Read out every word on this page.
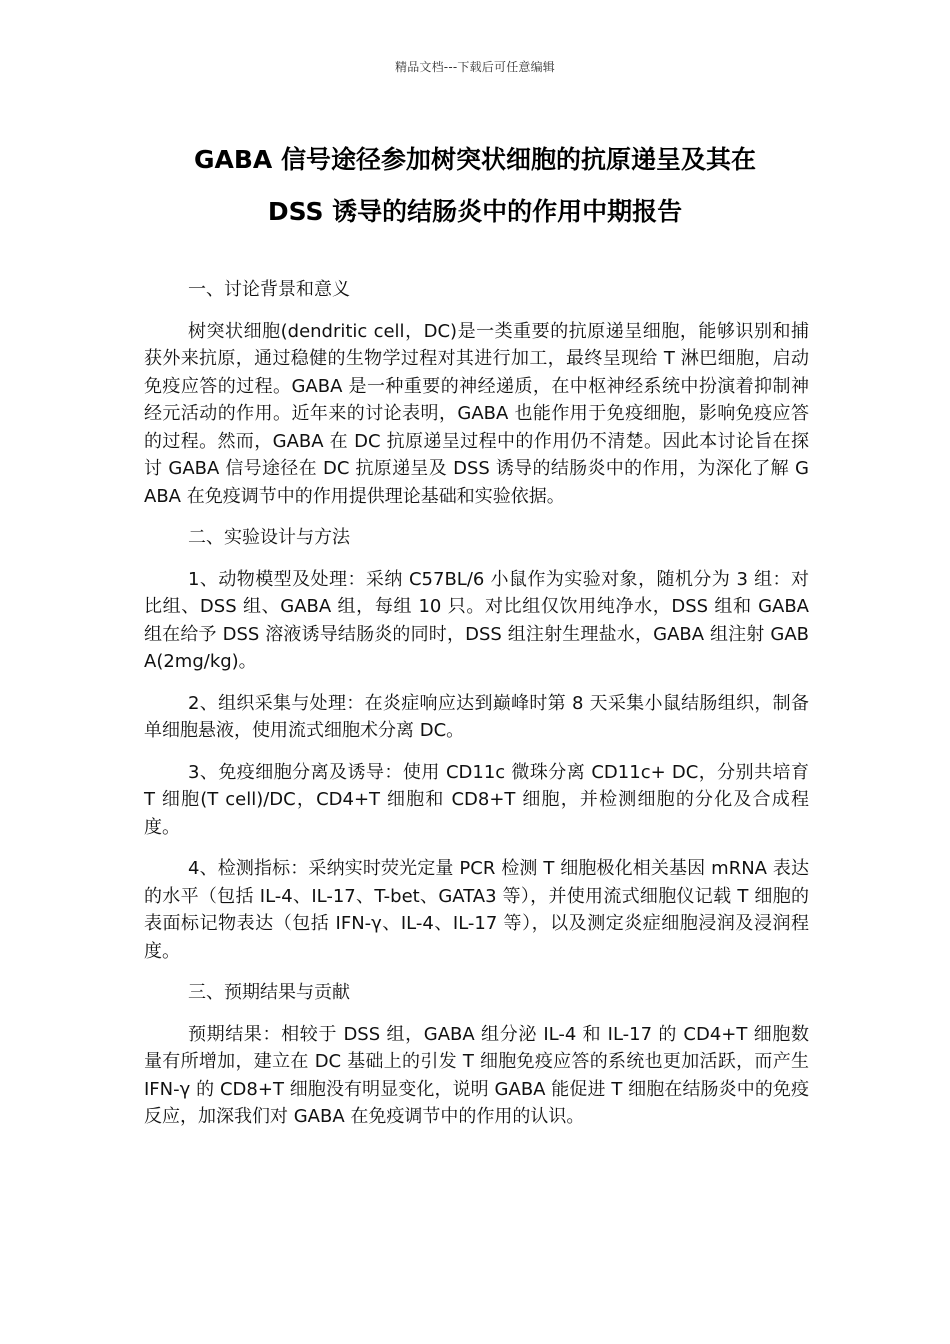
精品文档---下载后可任意编辑
GABA 信号途径参加树突状细胞的抗原递呈及其在
DSS 诱导的结肠炎中的作用中期报告

一、讨论背景和意义

树突状细胞(dendritic cell，DC)是一类重要的抗原递呈细胞，能够识别和捕获外来抗原，通过稳健的生物学过程对其进行加工，最终呈现给 T 淋巴细胞，启动免疫应答的过程。GABA 是一种重要的神经递质，在中枢神经系统中扮演着抑制神经元活动的作用。近年来的讨论表明，GABA 也能作用于免疫细胞，影响免疫应答的过程。然而，GABA 在 DC 抗原递呈过程中的作用仍不清楚。因此本讨论旨在探讨 GABA 信号途径在 DC 抗原递呈及 DSS 诱导的结肠炎中的作用，为深化了解 GABA 在免疫调节中的作用提供理论基础和实验依据。

二、实验设计与方法

1、动物模型及处理：采纳 C57BL/6 小鼠作为实验对象，随机分为 3 组：对比组、DSS 组、GABA 组，每组 10 只。对比组仅饮用纯净水，DSS 组和 GABA 组在给予 DSS 溶液诱导结肠炎的同时，DSS 组注射生理盐水，GABA 组注射 GABA(2mg/kg)。

2、组织采集与处理：在炎症响应达到巅峰时第 8 天采集小鼠结肠组织，制备单细胞悬液，使用流式细胞术分离 DC。

3、免疫细胞分离及诱导：使用 CD11c 微珠分离 CD11c+ DC，分别共培育 T 细胞(T cell)/DC，CD4+T 细胞和 CD8+T 细胞，并检测细胞的分化及合成程度。

4、检测指标：采纳实时荧光定量 PCR 检测 T 细胞极化相关基因 mRNA 表达的水平（包括 IL-4、IL-17、T-bet、GATA3 等），并使用流式细胞仪记载 T 细胞的表面标记物表达（包括 IFN-γ、IL-4、IL-17 等），以及测定炎症细胞浸润及浸润程度。

三、预期结果与贡献

预期结果：相较于 DSS 组，GABA 组分泌 IL-4 和 IL-17 的 CD4+T 细胞数量有所增加，建立在 DC 基础上的引发 T 细胞免疫应答的系统也更加活跃，而产生 IFN-γ 的 CD8+T 细胞没有明显变化，说明 GABA 能促进 T 细胞在结肠炎中的免疫反应，加深我们对 GABA 在免疫调节中的作用的认识。
